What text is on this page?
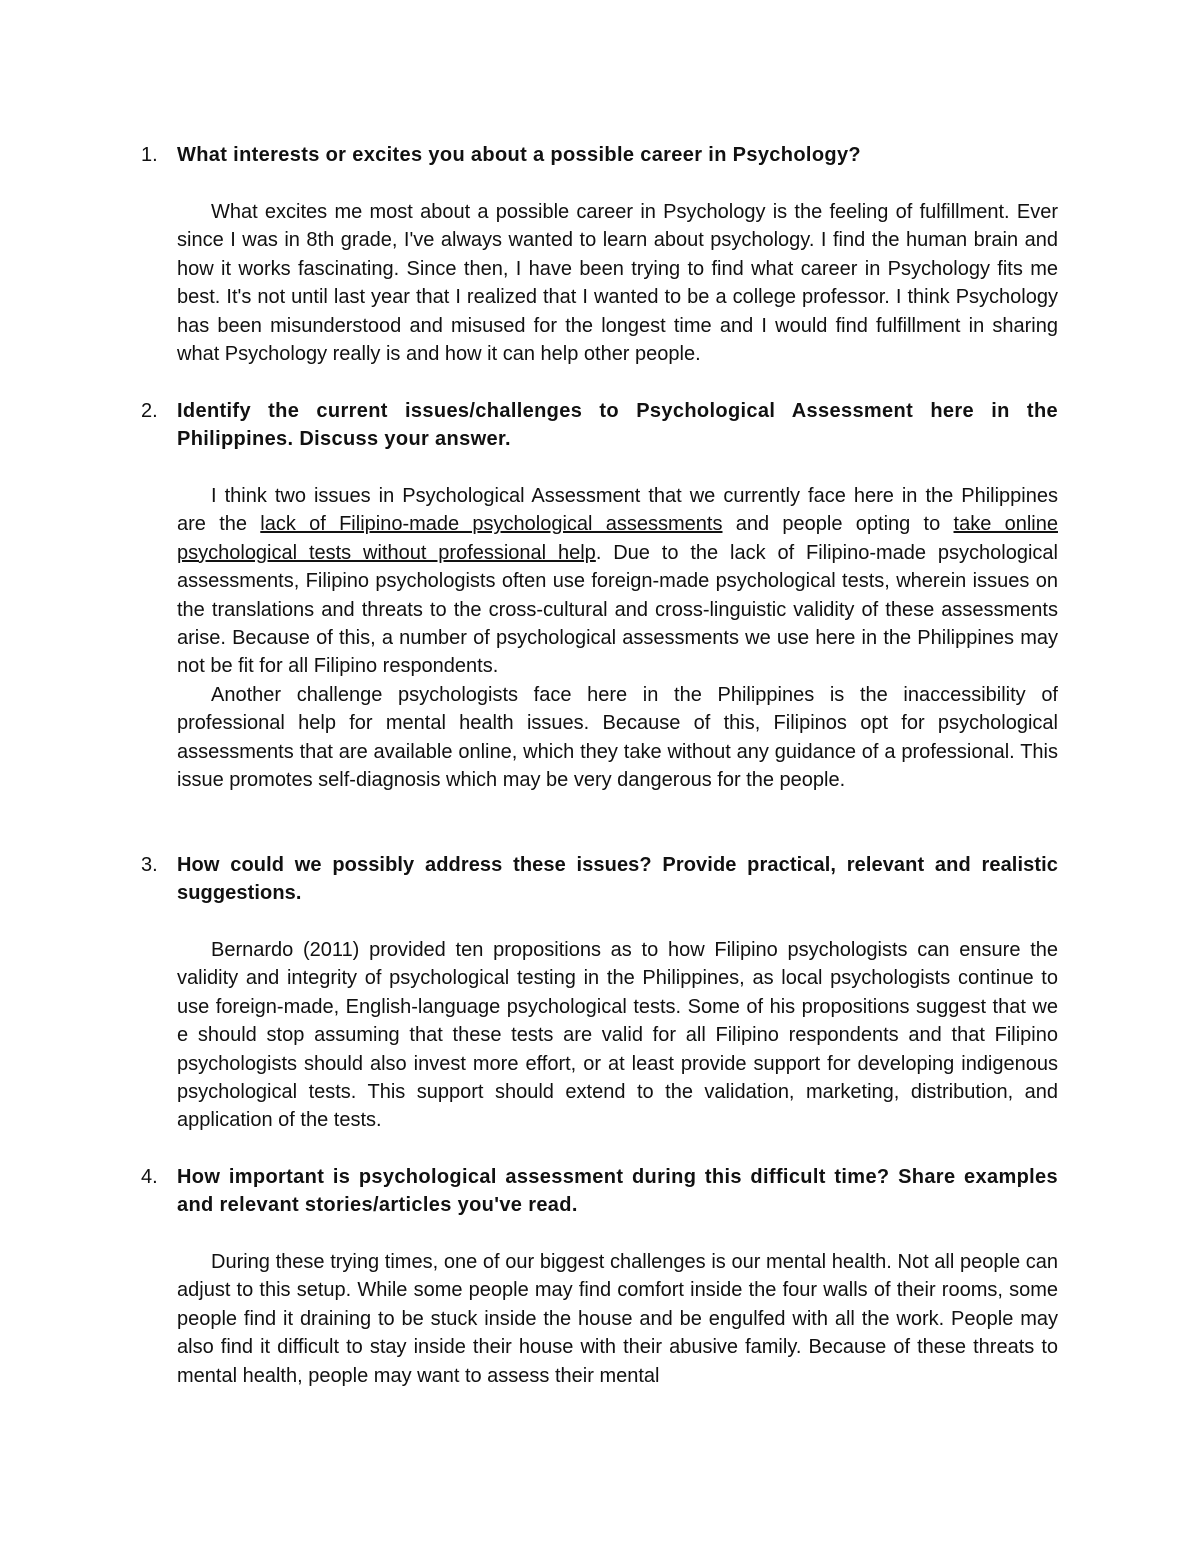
1. What interests or excites you about a possible career in Psychology?

What excites me most about a possible career in Psychology is the feeling of fulfillment. Ever since I was in 8th grade, I've always wanted to learn about psychology. I find the human brain and how it works fascinating. Since then, I have been trying to find what career in Psychology fits me best. It's not until last year that I realized that I wanted to be a college professor. I think Psychology has been misunderstood and misused for the longest time and I would find fulfillment in sharing what Psychology really is and how it can help other people.

2. Identify the current issues/challenges to Psychological Assessment here in the Philippines. Discuss your answer.

I think two issues in Psychological Assessment that we currently face here in the Philippines are the lack of Filipino-made psychological assessments and people opting to take online psychological tests without professional help. Due to the lack of Filipino-made psychological assessments, Filipino psychologists often use foreign-made psychological tests, wherein issues on the translations and threats to the cross-cultural and cross-linguistic validity of these assessments arise. Because of this, a number of psychological assessments we use here in the Philippines may not be fit for all Filipino respondents.

Another challenge psychologists face here in the Philippines is the inaccessibility of professional help for mental health issues. Because of this, Filipinos opt for psychological assessments that are available online, which they take without any guidance of a professional. This issue promotes self-diagnosis which may be very dangerous for the people.

3. How could we possibly address these issues? Provide practical, relevant and realistic suggestions.

Bernardo (2011) provided ten propositions as to how Filipino psychologists can ensure the validity and integrity of psychological testing in the Philippines, as local psychologists continue to use foreign-made, English-language psychological tests. Some of his propositions suggest that we e should stop assuming that these tests are valid for all Filipino respondents and that Filipino psychologists should also invest more effort, or at least provide support for developing indigenous psychological tests. This support should extend to the validation, marketing, distribution, and application of the tests.

4. How important is psychological assessment during this difficult time? Share examples and relevant stories/articles you've read.

During these trying times, one of our biggest challenges is our mental health. Not all people can adjust to this setup. While some people may find comfort inside the four walls of their rooms, some people find it draining to be stuck inside the house and be engulfed with all the work. People may also find it difficult to stay inside their house with their abusive family. Because of these threats to mental health, people may want to assess their mental
